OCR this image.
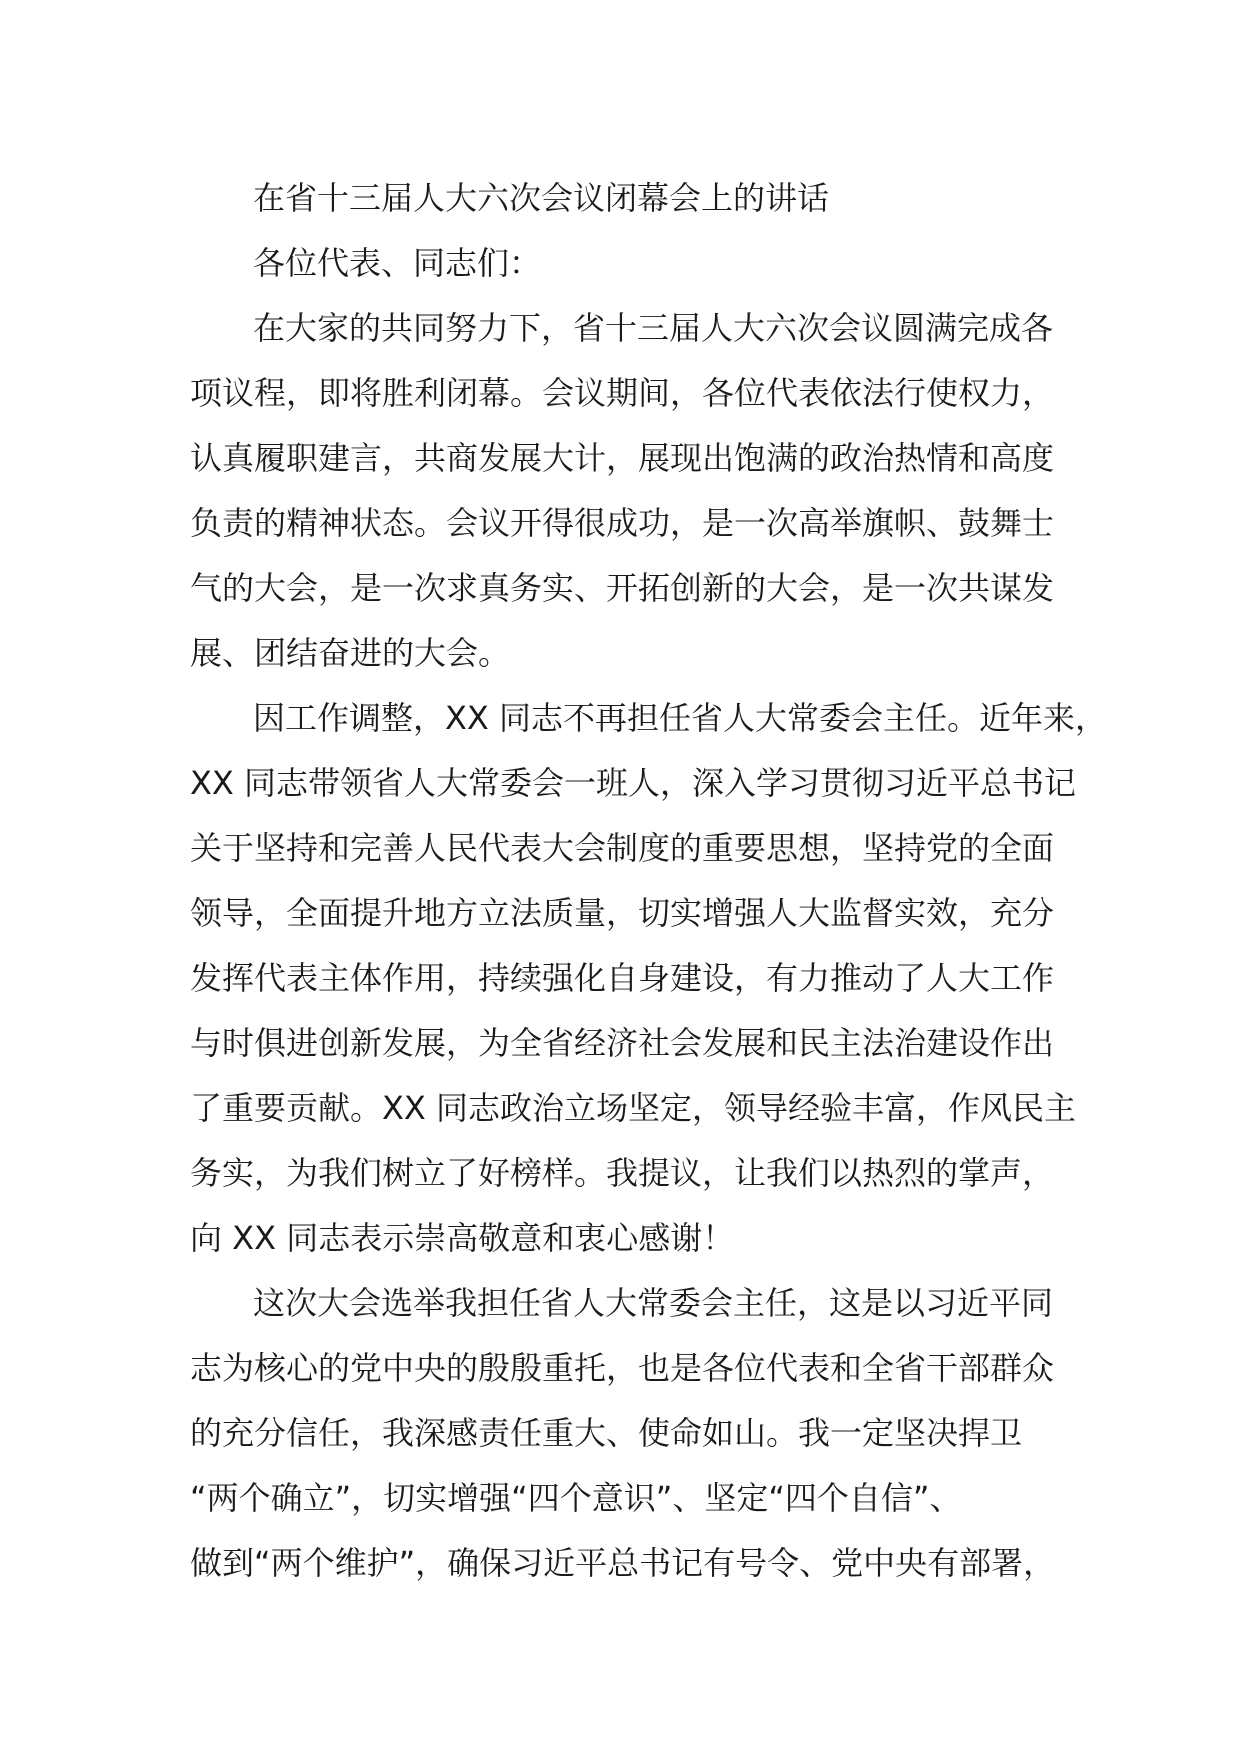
在省十三届人大六次会议闭幕会上的讲话
各位代表、同志们：
在大家的共同努力下，省十三届人大六次会议圆满完成各
项议程，即将胜利闭幕。会议期间，各位代表依法行使权力，
认真履职建言，共商发展大计，展现出饱满的政治热情和高度
负责的精神状态。会议开得很成功，是一次高举旗帜、鼓舞士
气的大会，是一次求真务实、开拓创新的大会，是一次共谋发
展、团结奋进的大会。
因工作调整，XX 同志不再担任省人大常委会主任。近年来，
XX 同志带领省人大常委会一班人，深入学习贯彻习近平总书记
关于坚持和完善人民代表大会制度的重要思想，坚持党的全面
领导，全面提升地方立法质量，切实增强人大监督实效，充分
发挥代表主体作用，持续强化自身建设，有力推动了人大工作
与时俱进创新发展，为全省经济社会发展和民主法治建设作出
了重要贡献。XX 同志政治立场坚定，领导经验丰富，作风民主
务实，为我们树立了好榜样。我提议，让我们以热烈的掌声，
向 XX 同志表示崇高敬意和衷心感谢！
这次大会选举我担任省人大常委会主任，这是以习近平同
志为核心的党中央的殷殷重托，也是各位代表和全省干部群众
的充分信任，我深感责任重大、使命如山。我一定坚决捍卫
“两个确立”，切实增强“四个意识”、坚定“四个自信”、
做到“两个维护”，确保习近平总书记有号令、党中央有部署，
